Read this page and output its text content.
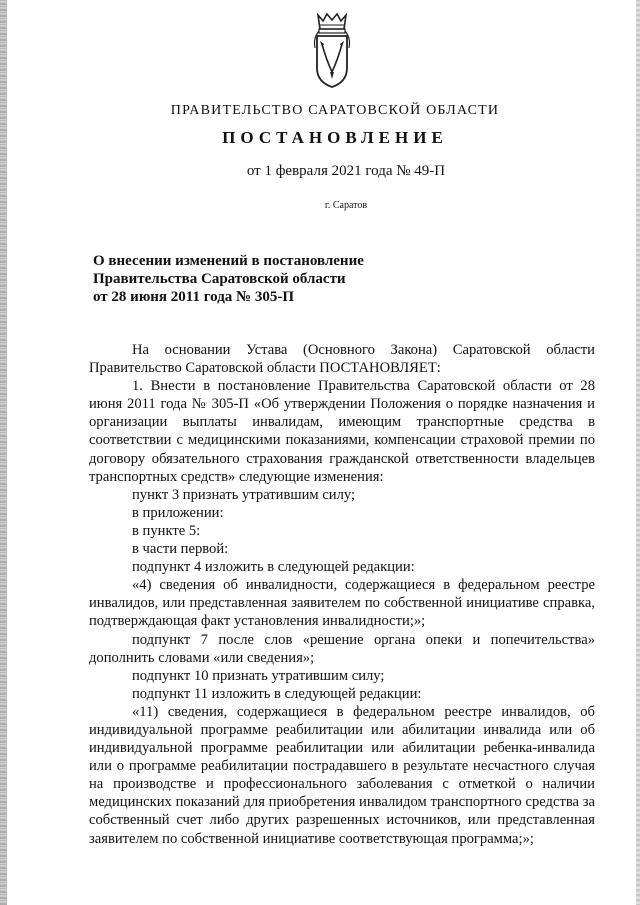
ПРАВИТЕЛЬСТВО САРАТОВСКОЙ ОБЛАСТИ
ПОСТАНОВЛЕНИЕ
от 1 февраля 2021 года № 49-П
г. Саратов
О внесении изменений в постановление
Правительства Саратовской области
от 28 июня 2011 года № 305-П

На основании Устава (Основного Закона) Саратовской области Правительство Саратовской области ПОСТАНОВЛЯЕТ:

1. Внести в постановление Правительства Саратовской области от 28 июня 2011 года № 305-П «Об утверждении Положения о порядке назначения и организации выплаты инвалидам, имеющим транспортные средства в соответствии с медицинскими показаниями, компенсации страховой премии по договору обязательного страхования гражданской ответственности владельцев транспортных средств» следующие изменения:

пункт 3 признать утратившим силу;

в приложении:

в пункте 5:

в части первой:

подпункт 4 изложить в следующей редакции:

«4) сведения об инвалидности, содержащиеся в федеральном реестре инвалидов, или представленная заявителем по собственной инициативе справка, подтверждающая факт установления инвалидности;»;

подпункт 7 после слов «решение органа опеки и попечительства» дополнить словами «или сведения»;

подпункт 10 признать утратившим силу;

подпункт 11 изложить в следующей редакции:

«11) сведения, содержащиеся в федеральном реестре инвалидов, об индивидуальной программе реабилитации или абилитации инвалида или об индивидуальной программе реабилитации или абилитации ребенка-инвалида или о программе реабилитации пострадавшего в результате несчастного случая на производстве и профессионального заболевания с отметкой о наличии медицинских показаний для приобретения инвалидом транспортного средства за собственный счет либо других разрешенных источников, или представленная заявителем по собственной инициативе соответствующая программа;»;
